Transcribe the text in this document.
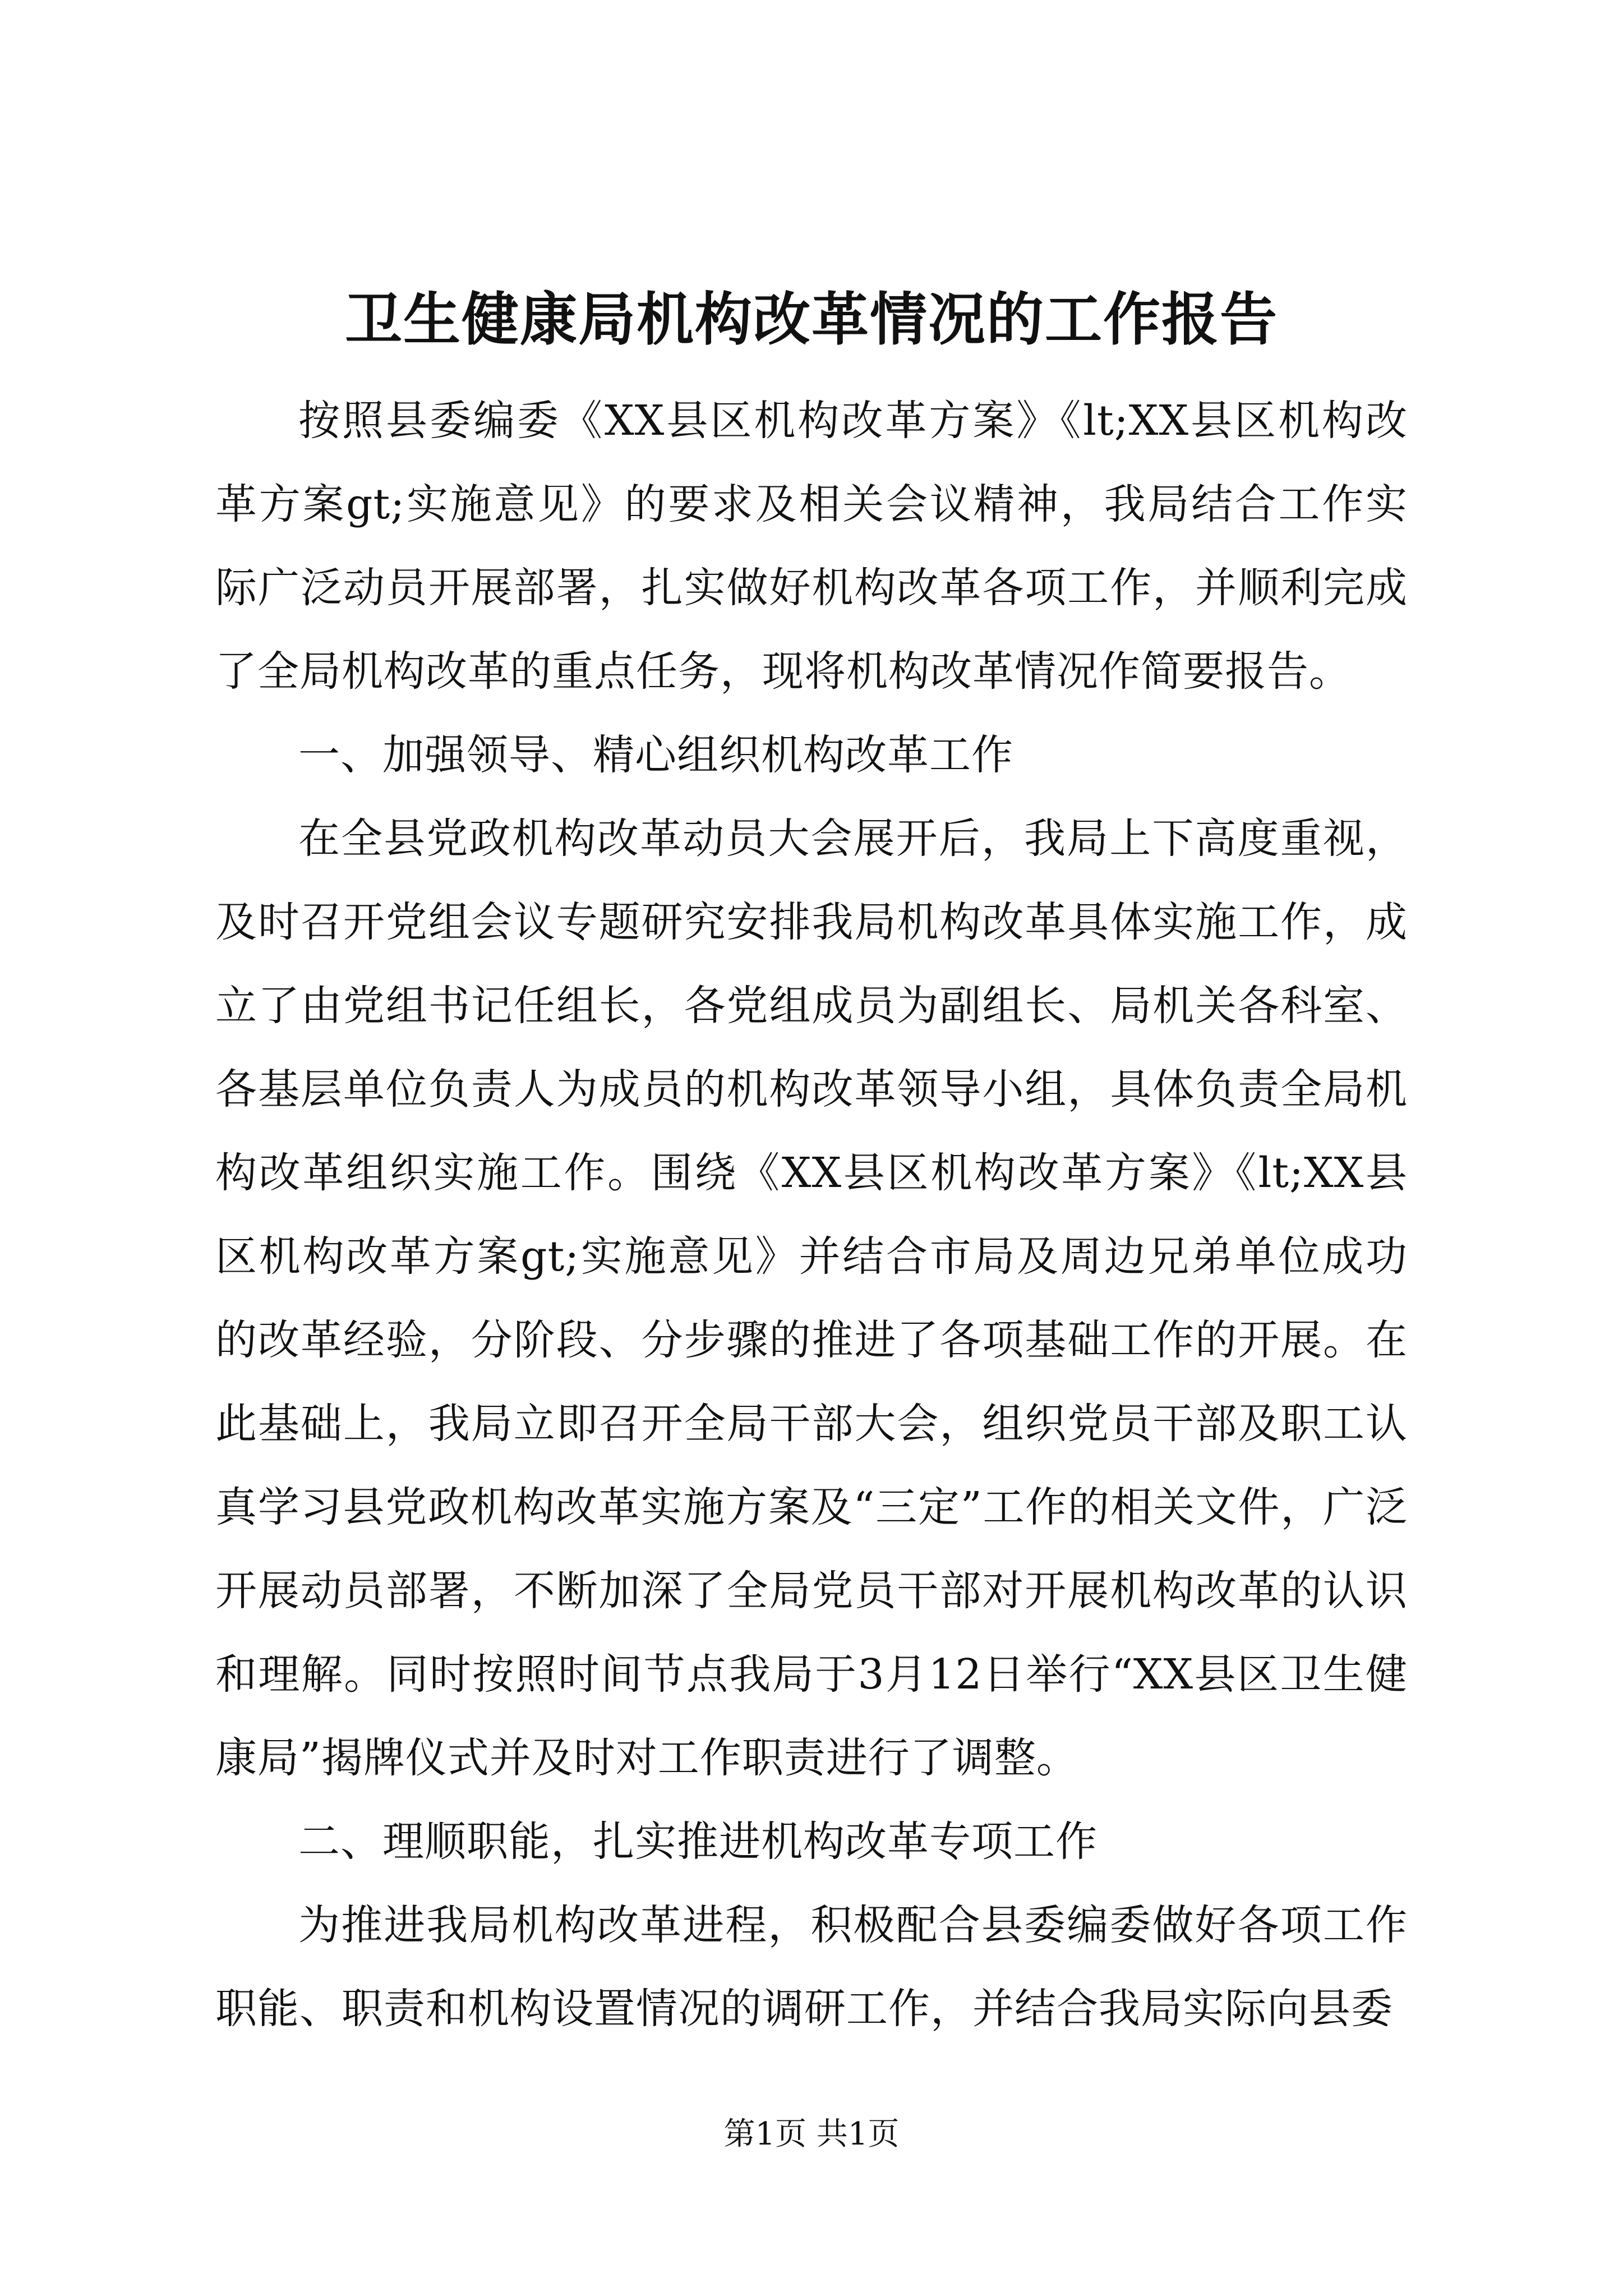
卫生健康局机构改革情况的工作报告

按照县委编委《XX县区机构改革方案》《lt;XX县区机构改革方案gt;实施意见》的要求及相关会议精神，我局结合工作实际广泛动员开展部署，扎实做好机构改革各项工作，并顺利完成了全局机构改革的重点任务，现将机构改革情况作简要报告。

一、加强领导、精心组织机构改革工作

在全县党政机构改革动员大会展开后，我局上下高度重视，及时召开党组会议专题研究安排我局机构改革具体实施工作，成立了由党组书记任组长，各党组成员为副组长、局机关各科室、各基层单位负责人为成员的机构改革领导小组，具体负责全局机构改革组织实施工作。围绕《XX县区机构改革方案》《lt;XX县区机构改革方案gt;实施意见》并结合市局及周边兄弟单位成功的改革经验，分阶段、分步骤的推进了各项基础工作的开展。在此基础上，我局立即召开全局干部大会，组织党员干部及职工认真学习县党政机构改革实施方案及“三定”工作的相关文件，广泛开展动员部署，不断加深了全局党员干部对开展机构改革的认识和理解。同时按照时间节点我局于3月12日举行“XX县区卫生健康局”揭牌仪式并及时对工作职责进行了调整。

二、理顺职能，扎实推进机构改革专项工作

为推进我局机构改革进程，积极配合县委编委做好各项工作职能、职责和机构设置情况的调研工作，并结合我局实际向县委

第1页 共1页
